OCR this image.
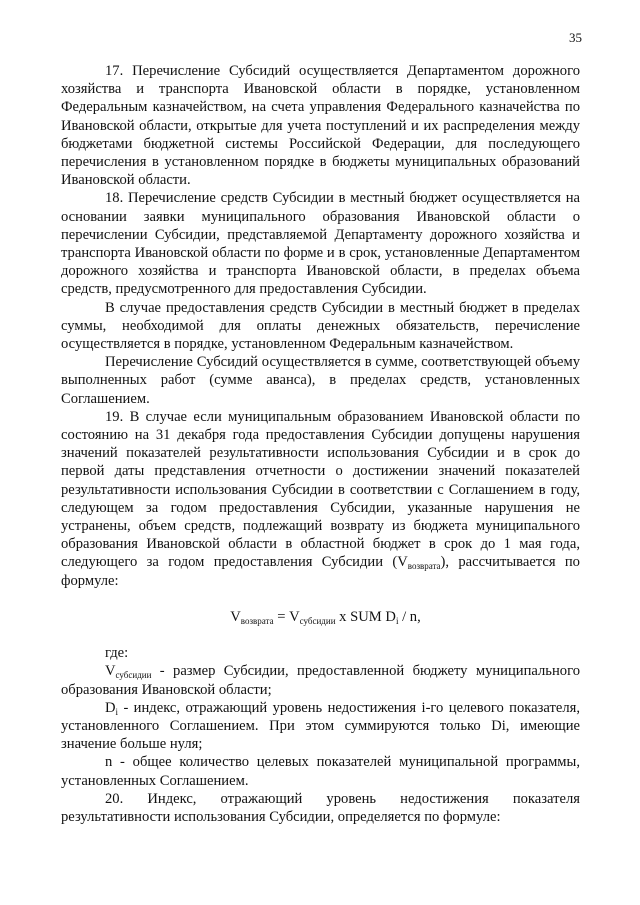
35

17. Перечисление Субсидий осуществляется Департаментом дорожного хозяйства и транспорта Ивановской области в порядке, установленном Федеральным казначейством, на счета управления Федерального казначейства по Ивановской области, открытые для учета поступлений и их распределения между бюджетами бюджетной системы Российской Федерации, для последующего перечисления в установленном порядке в бюджеты муниципальных образований Ивановской области.

18. Перечисление средств Субсидии в местный бюджет осуществляется на основании заявки муниципального образования Ивановской области о перечислении Субсидии, представляемой Департаменту дорожного хозяйства и транспорта Ивановской области по форме и в срок, установленные Департаментом дорожного хозяйства и транспорта Ивановской области, в пределах объема средств, предусмотренного для предоставления Субсидии.

В случае предоставления средств Субсидии в местный бюджет в пределах суммы, необходимой для оплаты денежных обязательств, перечисление осуществляется в порядке, установленном Федеральным казначейством.

Перечисление Субсидий осуществляется в сумме, соответствующей объему выполненных работ (сумме аванса), в пределах средств, установленных Соглашением.

19. В случае если муниципальным образованием Ивановской области по состоянию на 31 декабря года предоставления Субсидии допущены нарушения значений показателей результативности использования Субсидии и в срок до первой даты представления отчетности о достижении значений показателей результативности использования Субсидии в соответствии с Соглашением в году, следующем за годом предоставления Субсидии, указанные нарушения не устранены, объем средств, подлежащий возврату из бюджета муниципального образования Ивановской области в областной бюджет в срок до 1 мая года, следующего за годом предоставления Субсидии $(V_{возврата})$, рассчитывается по формуле:

$V_{возврата} = V_{субсидии}$ x SUM $D_i$ / n,

где:

$V_{субсидии}$ - размер Субсидии, предоставленной бюджету муниципального образования Ивановской области;

$D_i$ - индекс, отражающий уровень недостижения i-го целевого показателя, установленного Соглашением. При этом суммируются только Di, имеющие значение больше нуля;

n - общее количество целевых показателей муниципальной программы, установленных Соглашением.

20. Индекс, отражающий уровень недостижения показателя результативности использования Субсидии, определяется по формуле:
